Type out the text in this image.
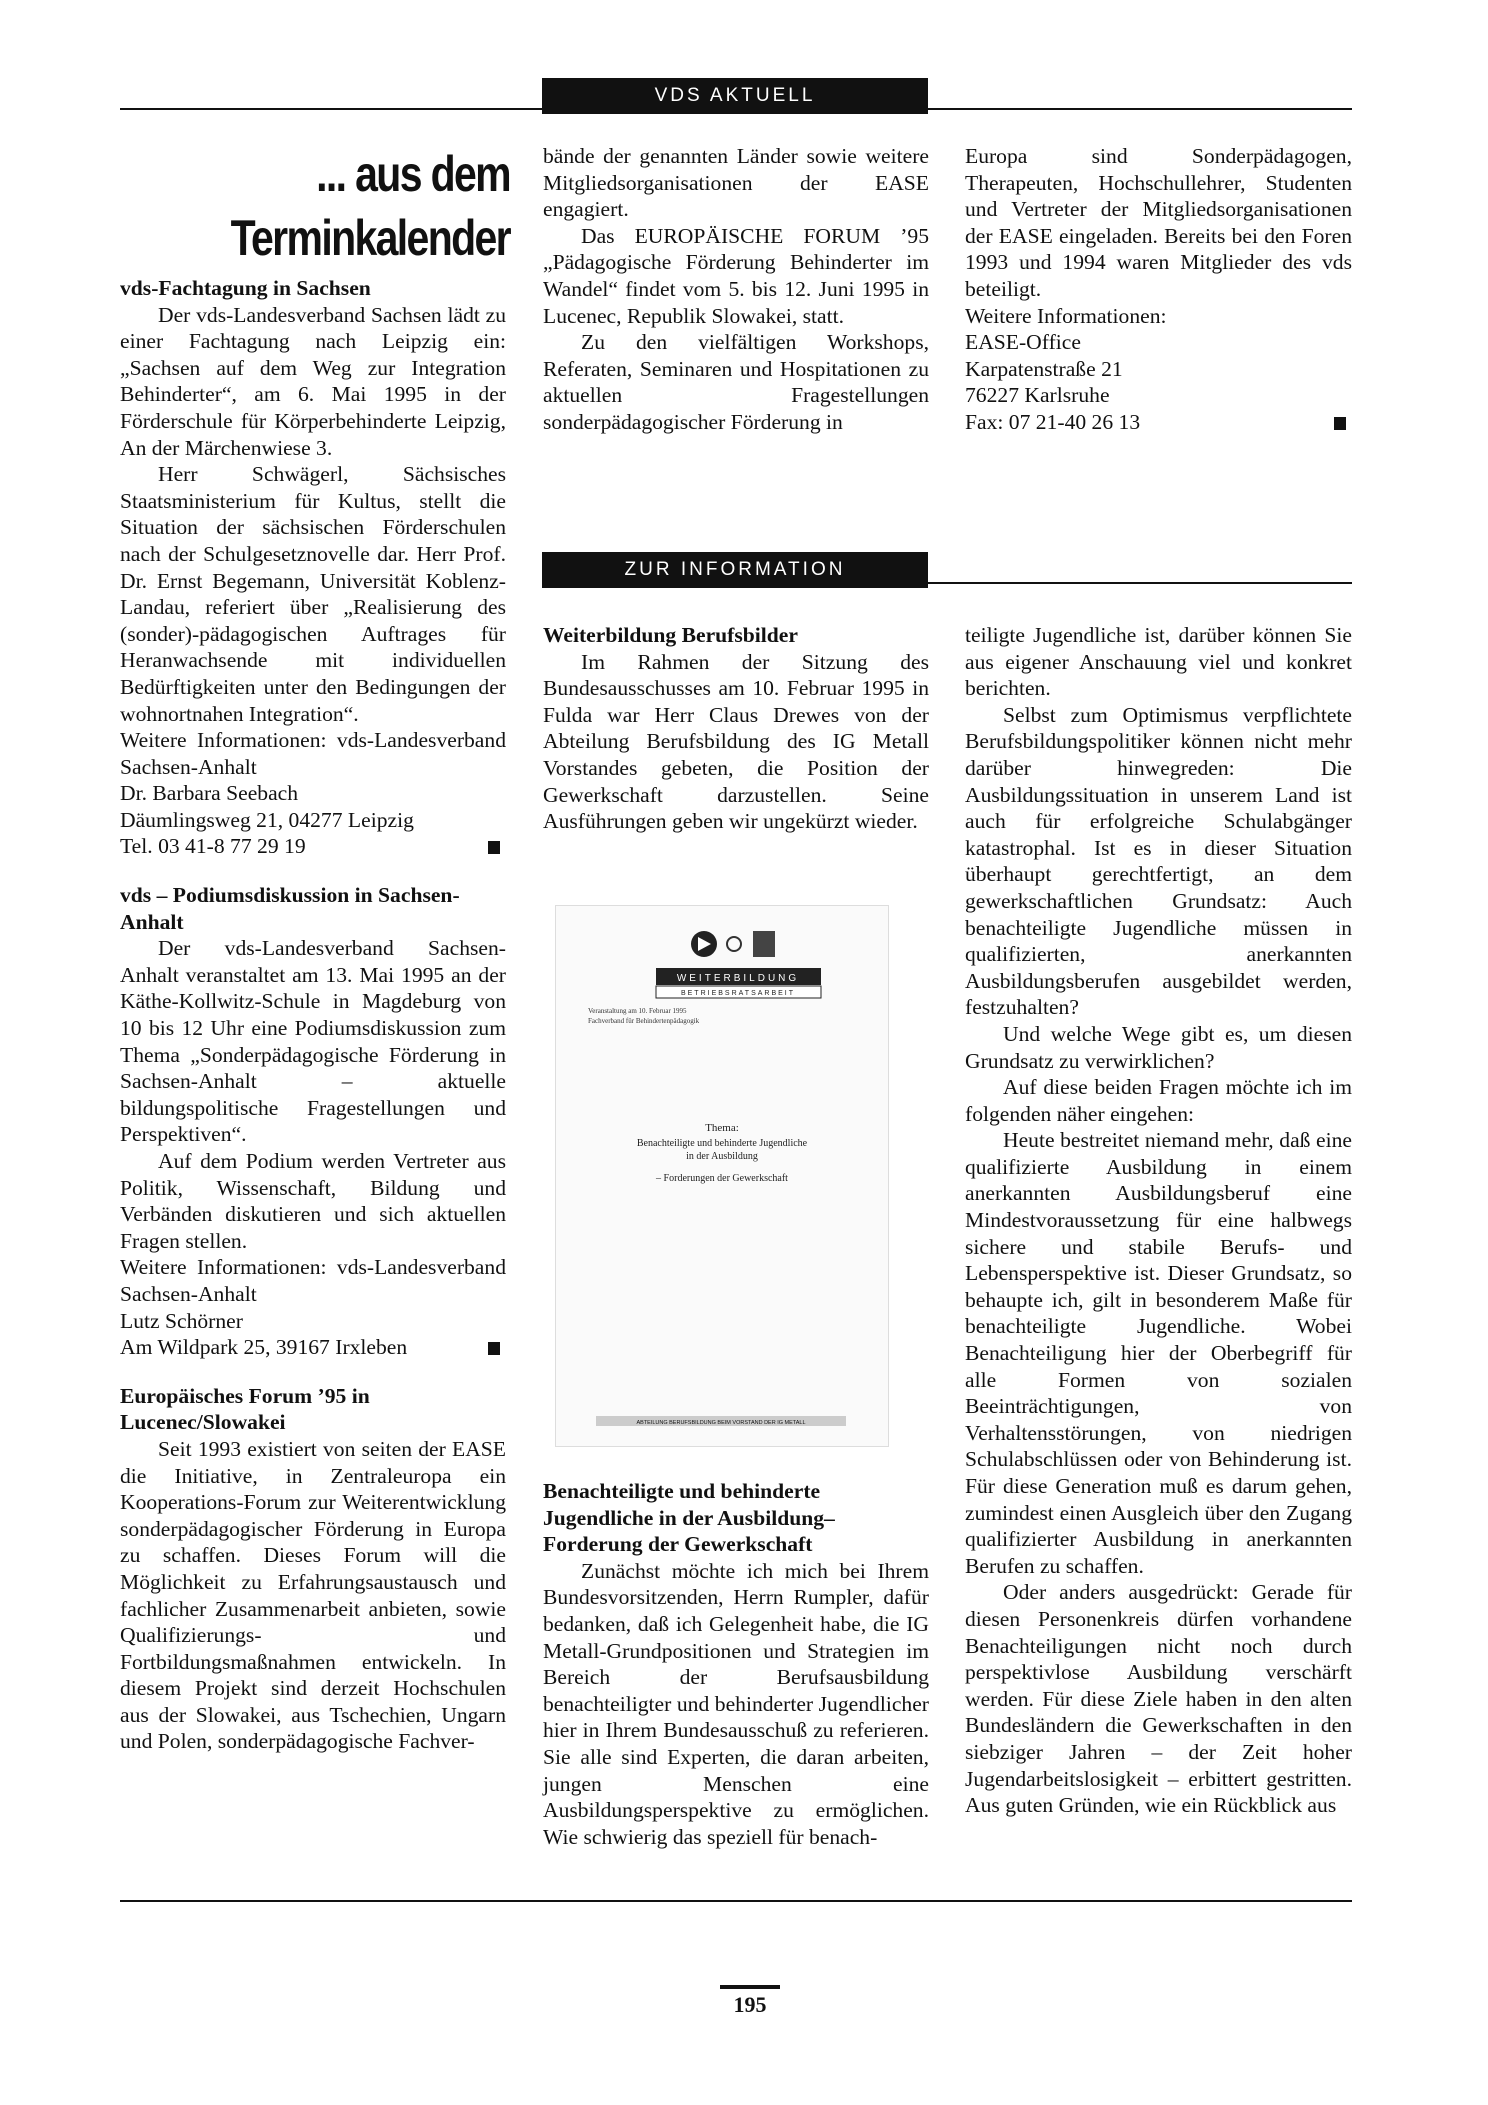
VDS AKTUELL
... aus dem
Terminkalender
vds-Fachtagung in Sachsen

Der vds-Landesverband Sachsen lädt zu einer Fachtagung nach Leipzig ein: „Sachsen auf dem Weg zur Integration Behinderter“, am 6. Mai 1995 in der Förderschule für Körperbehinderte Leipzig, An der Märchenwiese 3.

Herr Schwägerl, Sächsisches Staatsministerium für Kultus, stellt die Situation der sächsischen Förderschulen nach der Schulgesetznovelle dar. Herr Prof. Dr. Ernst Begemann, Universität Koblenz-Landau, referiert über „Realisierung des (sonder)-pädagogischen Auftrages für Heranwachsende mit individuellen Bedürftigkeiten unter den Bedingungen der wohnortnahen Integration“.

Weitere Informationen: vds-Landesverband Sachsen-Anhalt

Dr. Barbara Seebach

Däumlingsweg 21, 04277 Leipzig

Tel. 03 41-8 77 29 19

vds – Podiumsdiskussion in Sachsen-Anhalt

Der vds-Landesverband Sachsen-Anhalt veranstaltet am 13. Mai 1995 an der Käthe-Kollwitz-Schule in Magdeburg von 10 bis 12 Uhr eine Podiumsdiskussion zum Thema „Sonderpädagogische Förderung in Sachsen-Anhalt – aktuelle bildungspolitische Fragestellungen und Perspektiven“.

Auf dem Podium werden Vertreter aus Politik, Wissenschaft, Bildung und Verbänden diskutieren und sich aktuellen Fragen stellen.

Weitere Informationen: vds-Landesverband Sachsen-Anhalt

Lutz Schörner

Am Wildpark 25, 39167 Irxleben

Europäisches Forum ’95 in Lucenec/Slowakei

Seit 1993 existiert von seiten der EASE die Initiative, in Zentraleuropa ein Kooperations-Forum zur Weiterentwicklung sonderpädagogischer Förderung in Europa zu schaffen. Dieses Forum will die Möglichkeit zu Erfahrungsaustausch und fachlicher Zusammenarbeit anbieten, sowie Qualifizierungs- und Fortbildungsmaßnahmen entwickeln. In diesem Projekt sind derzeit Hochschulen aus der Slowakei, aus Tschechien, Ungarn und Polen, sonderpädagogische Fachver-

bände der genannten Länder sowie weitere Mitgliedsorganisationen der EASE engagiert.

Das EUROPÄISCHE FORUM ’95 „Pädagogische Förderung Behinderter im Wandel“ findet vom 5. bis 12. Juni 1995 in Lucenec, Republik Slowakei, statt.

Zu den vielfältigen Workshops, Referaten, Seminaren und Hospitationen zu aktuellen Fragestellungen sonderpädagogischer Förderung in

Europa sind Sonderpädagogen, Therapeuten, Hochschullehrer, Studenten und Vertreter der Mitgliedsorganisationen der EASE eingeladen. Bereits bei den Foren 1993 und 1994 waren Mitglieder des vds beteiligt.

Weitere Informationen:

EASE-Office

Karpatenstraße 21

76227 Karlsruhe

Fax: 07 21-40 26 13

ZUR INFORMATION
Weiterbildung Berufsbilder

Im Rahmen der Sitzung des Bundesausschusses am 10. Februar 1995 in Fulda war Herr Claus Drewes von der Abteilung Berufsbildung des IG Metall Vorstandes gebeten, die Position der Gewerkschaft darzustellen. Seine Ausführungen geben wir ungekürzt wieder.

WEITERBILDUNG
BETRIEBSRATSARBEIT
Veranstaltung am 10. Februar 1995
Fachverband für Behindertenpädagogik
Thema:
Benachteiligte und behinderte Jugendliche
in der Ausbildung
– Forderungen der Gewerkschaft
ABTEILUNG BERUFSBILDUNG BEIM VORSTAND DER IG METALL
Benachteiligte und behinderte Jugendliche in der Ausbildung– Forderung der Gewerkschaft

Zunächst möchte ich mich bei Ihrem Bundesvorsitzenden, Herrn Rumpler, dafür bedanken, daß ich Gelegenheit habe, die IG Metall-Grundpositionen und Strategien im Bereich der Berufsausbildung benachteiligter und behinderter Jugendlicher hier in Ihrem Bundesausschuß zu referieren. Sie alle sind Experten, die daran arbeiten, jungen Menschen eine Ausbildungsperspektive zu ermöglichen. Wie schwierig das speziell für benach-

teiligte Jugendliche ist, darüber können Sie aus eigener Anschauung viel und konkret berichten.

Selbst zum Optimismus verpflichtete Berufsbildungspolitiker können nicht mehr darüber hinwegreden: Die Ausbildungssituation in unserem Land ist auch für erfolgreiche Schulabgänger katastrophal. Ist es in dieser Situation überhaupt gerechtfertigt, an dem gewerkschaftlichen Grundsatz: Auch benachteiligte Jugendliche müssen in qualifizierten, anerkannten Ausbildungsberufen ausgebildet werden, festzuhalten?

Und welche Wege gibt es, um diesen Grundsatz zu verwirklichen?

Auf diese beiden Fragen möchte ich im folgenden näher eingehen:

Heute bestreitet niemand mehr, daß eine qualifizierte Ausbildung in einem anerkannten Ausbildungsberuf eine Mindestvoraussetzung für eine halbwegs sichere und stabile Berufs- und Lebensperspektive ist. Dieser Grundsatz, so behaupte ich, gilt in besonderem Maße für benachteiligte Jugendliche. Wobei Benachteiligung hier der Oberbegriff für alle Formen von sozialen Beeinträchtigungen, von Verhaltensstörungen, von niedrigen Schulabschlüssen oder von Behinderung ist. Für diese Generation muß es darum gehen, zumindest einen Ausgleich über den Zugang qualifizierter Ausbildung in anerkannten Berufen zu schaffen.

Oder anders ausgedrückt: Gerade für diesen Personenkreis dürfen vorhandene Benachteiligungen nicht noch durch perspektivlose Ausbildung verschärft werden. Für diese Ziele haben in den alten Bundesländern die Gewerkschaften in den siebziger Jahren – der Zeit hoher Jugendarbeitslosigkeit – erbittert gestritten. Aus guten Gründen, wie ein Rückblick aus

195
